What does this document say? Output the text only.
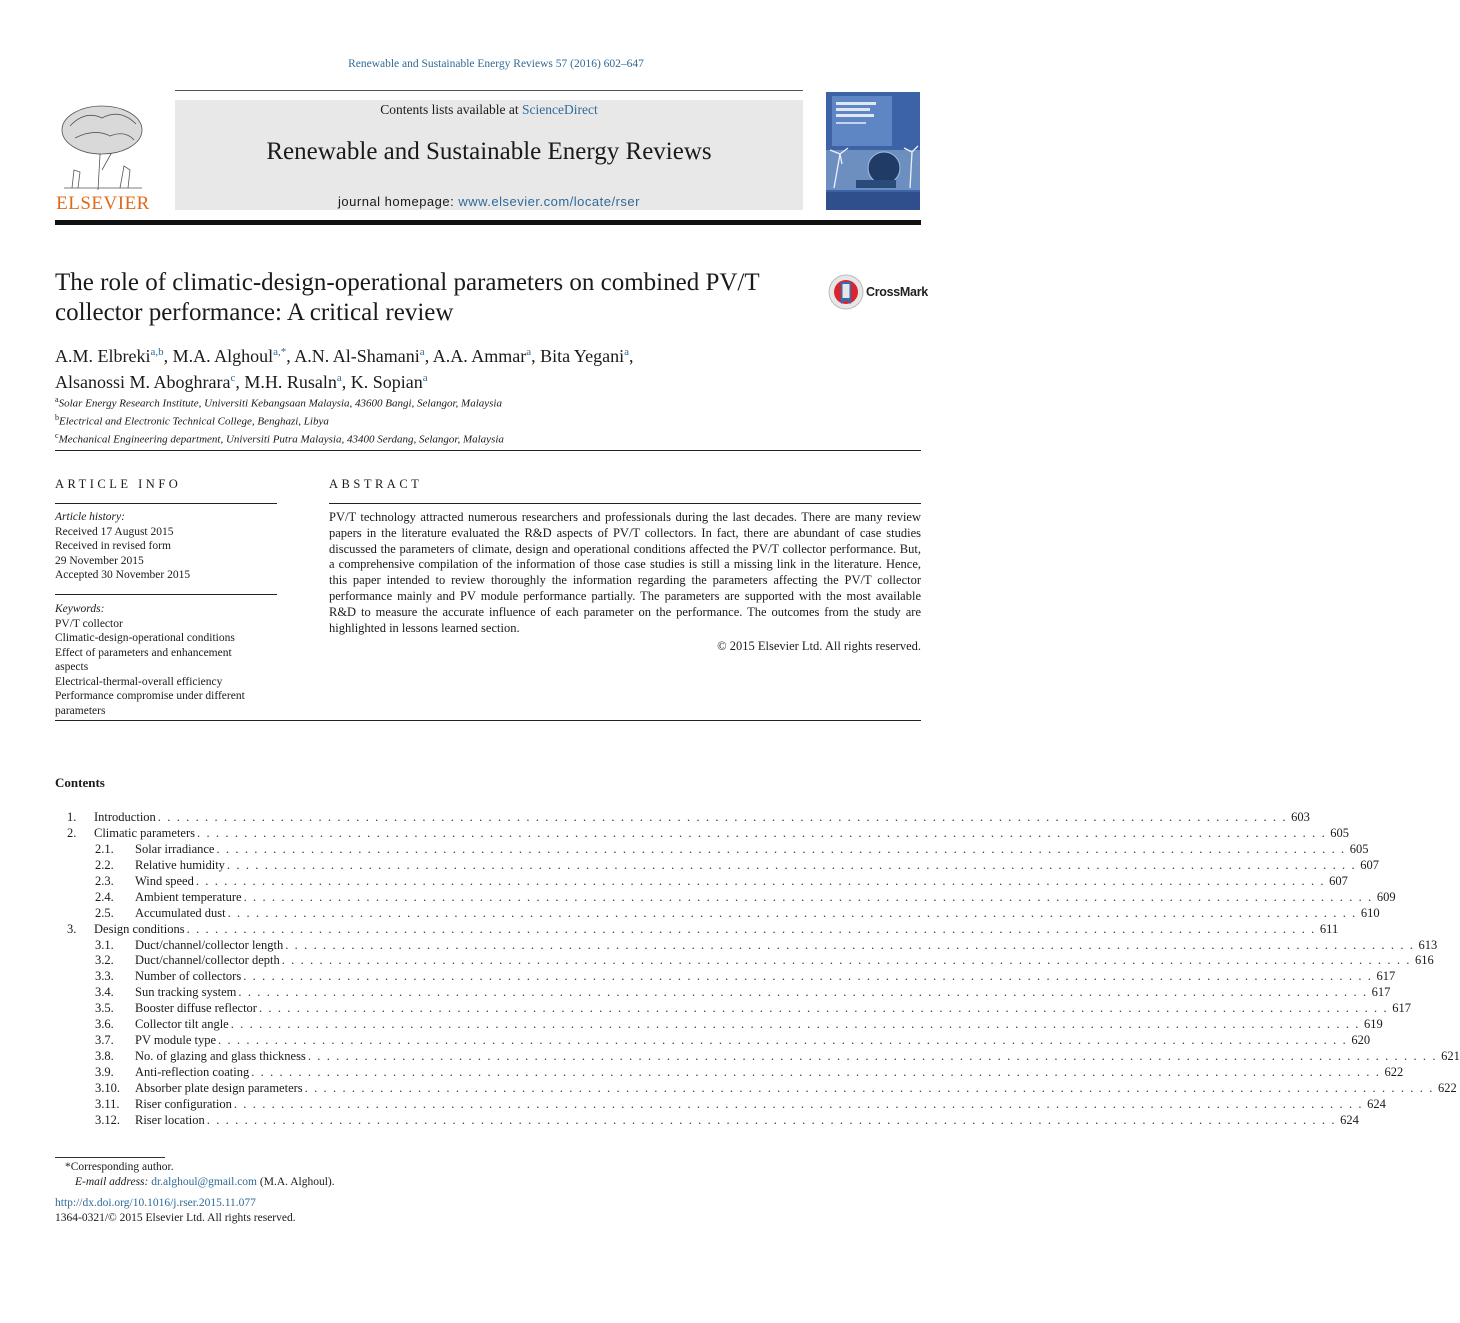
Renewable and Sustainable Energy Reviews 57 (2016) 602–647
ELSEVIER
Contents lists available at ScienceDirect
Renewable and Sustainable Energy Reviews
journal homepage: www.elsevier.com/locate/rser
The role of climatic-design-operational parameters on combined PV/T
collector performance: A critical review
CrossMark
A.M. Elbreki$^{a,b}$, M.A. Alghoul$^{a,*}$, A.N. Al-Shamani$^a$, A.A. Ammar$^a$, Bita Yegani$^a$,
Alsanossi M. Aboghrara$^c$, M.H. Rusaln$^a$, K. Sopian$^a$
$^a$Solar Energy Research Institute, Universiti Kebangsaan Malaysia, 43600 Bangi, Selangor, Malaysia
$^b$Electrical and Electronic Technical College, Benghazi, Libya
$^c$Mechanical Engineering department, Universiti Putra Malaysia, 43400 Serdang, Selangor, Malaysia
ARTICLE INFO
Article history:
Received 17 August 2015
Received in revised form
29 November 2015
Accepted 30 November 2015
Keywords:
PV/T collector
Climatic-design-operational conditions
Effect of parameters and enhancement
aspects
Electrical-thermal-overall efficiency
Performance compromise under different
parameters
ABSTRACT
PV/T technology attracted numerous researchers and professionals during the last decades. There are many review papers in the literature evaluated the R&D aspects of PV/T collectors. In fact, there are abundant of case studies discussed the parameters of climate, design and operational conditions affected the PV/T collector performance. But, a comprehensive compilation of the information of those case studies is still a missing link in the literature. Hence, this paper intended to review thoroughly the information regarding the parameters affecting the PV/T collector performance mainly and PV module performance partially. The parameters are supported with the most available R&D to measure the accurate influence of each parameter on the performance. The outcomes from the study are highlighted in lessons learned section.
© 2015 Elsevier Ltd. All rights reserved.
Contents
1. Introduction . . . . . . . . . . . . . . . . . . . . . . . . . . . . . . . . . . . . . . . . . . . . . . . . . . . . . . . . . . . . . . . . . . . . . . . . . . . . . . . . . . . . . . . . . . . . . . . . . . . . . . . . . . . . . . . . . . . . . . . . 603
2. Climatic parameters . . . . . . . . . . . . . . . . . . . . . . . . . . . . . . . . . . . . . . . . . . . . . . . . . . . . . . . . . . . . . . . . . . . . . . . . . . . . . . . . . . . . . . . . . . . . . . . . . . . . . . . . . . . . . . . . . . . . . . . . 605
2.1. Solar irradiance . . . . . . . . . . . . . . . . . . . . . . . . . . . . . . . . . . . . . . . . . . . . . . . . . . . . . . . . . . . . . . . . . . . . . . . . . . . . . . . . . . . . . . . . . . . . . . . . . . . . . . . . . . . . . . . . . . . . . . . . 605
2.2. Relative humidity . . . . . . . . . . . . . . . . . . . . . . . . . . . . . . . . . . . . . . . . . . . . . . . . . . . . . . . . . . . . . . . . . . . . . . . . . . . . . . . . . . . . . . . . . . . . . . . . . . . . . . . . . . . . . . . . . . . . . . . . 607
2.3. Wind speed . . . . . . . . . . . . . . . . . . . . . . . . . . . . . . . . . . . . . . . . . . . . . . . . . . . . . . . . . . . . . . . . . . . . . . . . . . . . . . . . . . . . . . . . . . . . . . . . . . . . . . . . . . . . . . . . . . . . . . . . 607
2.4. Ambient temperature . . . . . . . . . . . . . . . . . . . . . . . . . . . . . . . . . . . . . . . . . . . . . . . . . . . . . . . . . . . . . . . . . . . . . . . . . . . . . . . . . . . . . . . . . . . . . . . . . . . . . . . . . . . . . . . . . . . . . . . . 609
2.5. Accumulated dust . . . . . . . . . . . . . . . . . . . . . . . . . . . . . . . . . . . . . . . . . . . . . . . . . . . . . . . . . . . . . . . . . . . . . . . . . . . . . . . . . . . . . . . . . . . . . . . . . . . . . . . . . . . . . . . . . . . . . . . . 610
3. Design conditions . . . . . . . . . . . . . . . . . . . . . . . . . . . . . . . . . . . . . . . . . . . . . . . . . . . . . . . . . . . . . . . . . . . . . . . . . . . . . . . . . . . . . . . . . . . . . . . . . . . . . . . . . . . . . . . . . . . . . . . . 611
3.1. Duct/channel/collector length . . . . . . . . . . . . . . . . . . . . . . . . . . . . . . . . . . . . . . . . . . . . . . . . . . . . . . . . . . . . . . . . . . . . . . . . . . . . . . . . . . . . . . . . . . . . . . . . . . . . . . . . . . . . . . . . . . . . . . . . 613
3.2. Duct/channel/collector depth . . . . . . . . . . . . . . . . . . . . . . . . . . . . . . . . . . . . . . . . . . . . . . . . . . . . . . . . . . . . . . . . . . . . . . . . . . . . . . . . . . . . . . . . . . . . . . . . . . . . . . . . . . . . . . . . . . . . . . . . 616
3.3. Number of collectors . . . . . . . . . . . . . . . . . . . . . . . . . . . . . . . . . . . . . . . . . . . . . . . . . . . . . . . . . . . . . . . . . . . . . . . . . . . . . . . . . . . . . . . . . . . . . . . . . . . . . . . . . . . . . . . . . . . . . . . . 617
3.4. Sun tracking system . . . . . . . . . . . . . . . . . . . . . . . . . . . . . . . . . . . . . . . . . . . . . . . . . . . . . . . . . . . . . . . . . . . . . . . . . . . . . . . . . . . . . . . . . . . . . . . . . . . . . . . . . . . . . . . . . . . . . . . . 617
3.5. Booster diffuse reflector . . . . . . . . . . . . . . . . . . . . . . . . . . . . . . . . . . . . . . . . . . . . . . . . . . . . . . . . . . . . . . . . . . . . . . . . . . . . . . . . . . . . . . . . . . . . . . . . . . . . . . . . . . . . . . . . . . . . . . . . 617
3.6. Collector tilt angle . . . . . . . . . . . . . . . . . . . . . . . . . . . . . . . . . . . . . . . . . . . . . . . . . . . . . . . . . . . . . . . . . . . . . . . . . . . . . . . . . . . . . . . . . . . . . . . . . . . . . . . . . . . . . . . . . . . . . . . . 619
3.7. PV module type . . . . . . . . . . . . . . . . . . . . . . . . . . . . . . . . . . . . . . . . . . . . . . . . . . . . . . . . . . . . . . . . . . . . . . . . . . . . . . . . . . . . . . . . . . . . . . . . . . . . . . . . . . . . . . . . . . . . . . . . 620
3.8. No. of glazing and glass thickness . . . . . . . . . . . . . . . . . . . . . . . . . . . . . . . . . . . . . . . . . . . . . . . . . . . . . . . . . . . . . . . . . . . . . . . . . . . . . . . . . . . . . . . . . . . . . . . . . . . . . . . . . . . . . . . . . . . . . . . . 621
3.9. Anti-reflection coating . . . . . . . . . . . . . . . . . . . . . . . . . . . . . . . . . . . . . . . . . . . . . . . . . . . . . . . . . . . . . . . . . . . . . . . . . . . . . . . . . . . . . . . . . . . . . . . . . . . . . . . . . . . . . . . . . . . . . . . . 622
3.10. Absorber plate design parameters . . . . . . . . . . . . . . . . . . . . . . . . . . . . . . . . . . . . . . . . . . . . . . . . . . . . . . . . . . . . . . . . . . . . . . . . . . . . . . . . . . . . . . . . . . . . . . . . . . . . . . . . . . . . . . . . . . . . . . . . 622
3.11. Riser configuration . . . . . . . . . . . . . . . . . . . . . . . . . . . . . . . . . . . . . . . . . . . . . . . . . . . . . . . . . . . . . . . . . . . . . . . . . . . . . . . . . . . . . . . . . . . . . . . . . . . . . . . . . . . . . . . . . . . . . . . . 624
3.12. Riser location . . . . . . . . . . . . . . . . . . . . . . . . . . . . . . . . . . . . . . . . . . . . . . . . . . . . . . . . . . . . . . . . . . . . . . . . . . . . . . . . . . . . . . . . . . . . . . . . . . . . . . . . . . . . . . . . . . . . . . . . 624
*Corresponding author.
E-mail address: dr.alghoul@gmail.com (M.A. Alghoul).
http://dx.doi.org/10.1016/j.rser.2015.11.077
1364-0321/© 2015 Elsevier Ltd. All rights reserved.
